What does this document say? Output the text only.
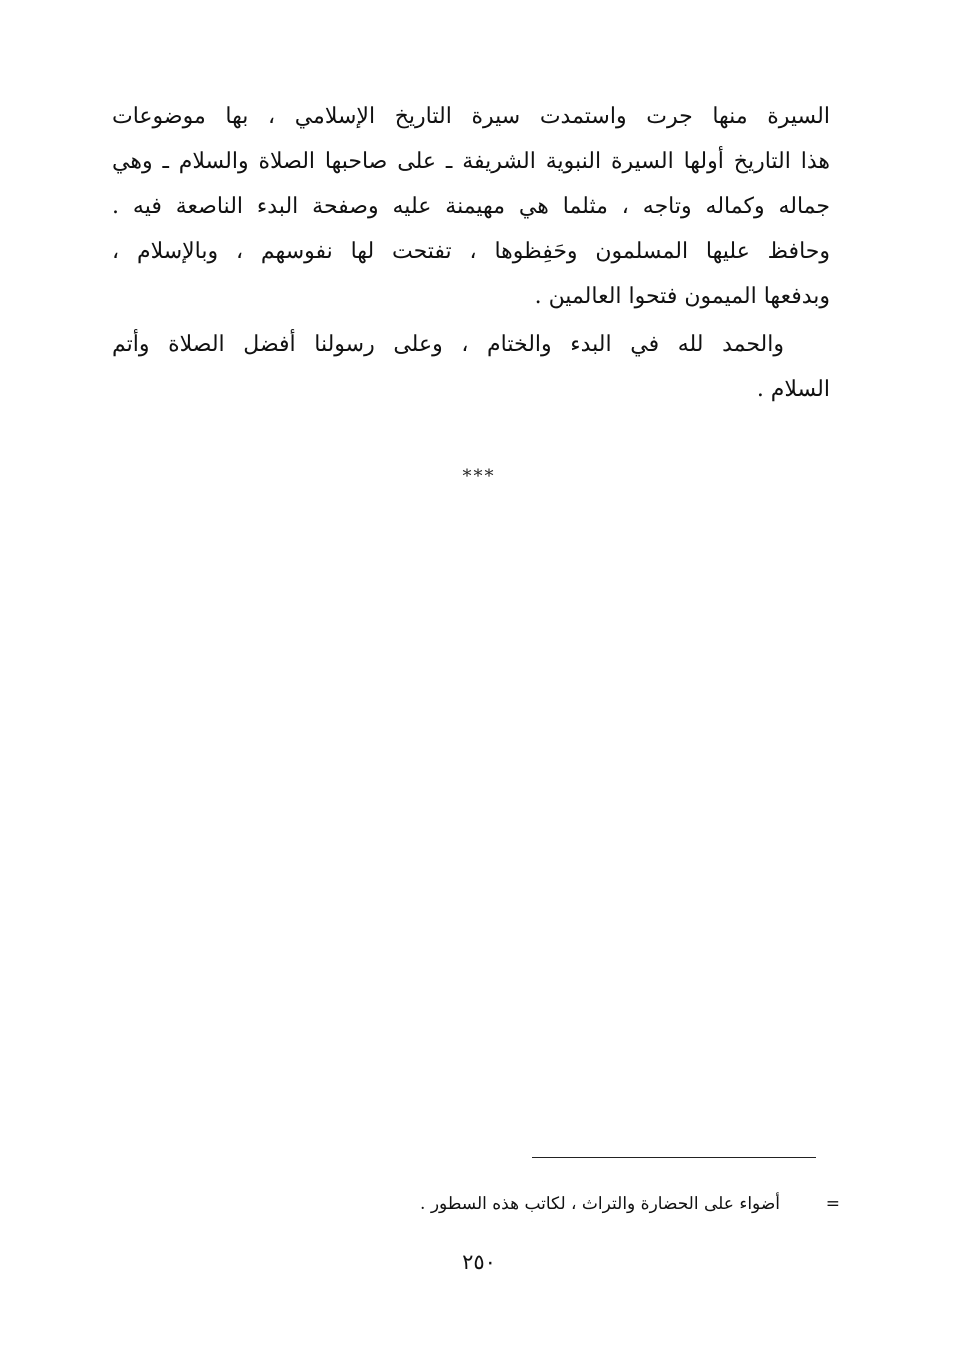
السيرة منها جرت واستمدت سيرة التاريخ الإسلامي ، بها موضوعات
هذا التاريخ أولها السيرة النبوية الشريفة ـ على صاحبها الصلاة والسلام ـ وهي
جماله وكماله وتاجه ، مثلما هي مهيمنة عليه وصفحة البدء الناصعة فيه .
وحافظ عليها المسلمون وحَفِظوها ، تفتحت لها نفوسهم ، وبالإسلام ،
وبدفعها الميمون فتحوا العالمين .
والحمد لله في البدء والختام ، وعلى رسولنا أفضل الصلاة وأتم
السلام .
***
=أضواء على الحضارة والتراث ، لكاتب هذه السطور .
٢٥٠
